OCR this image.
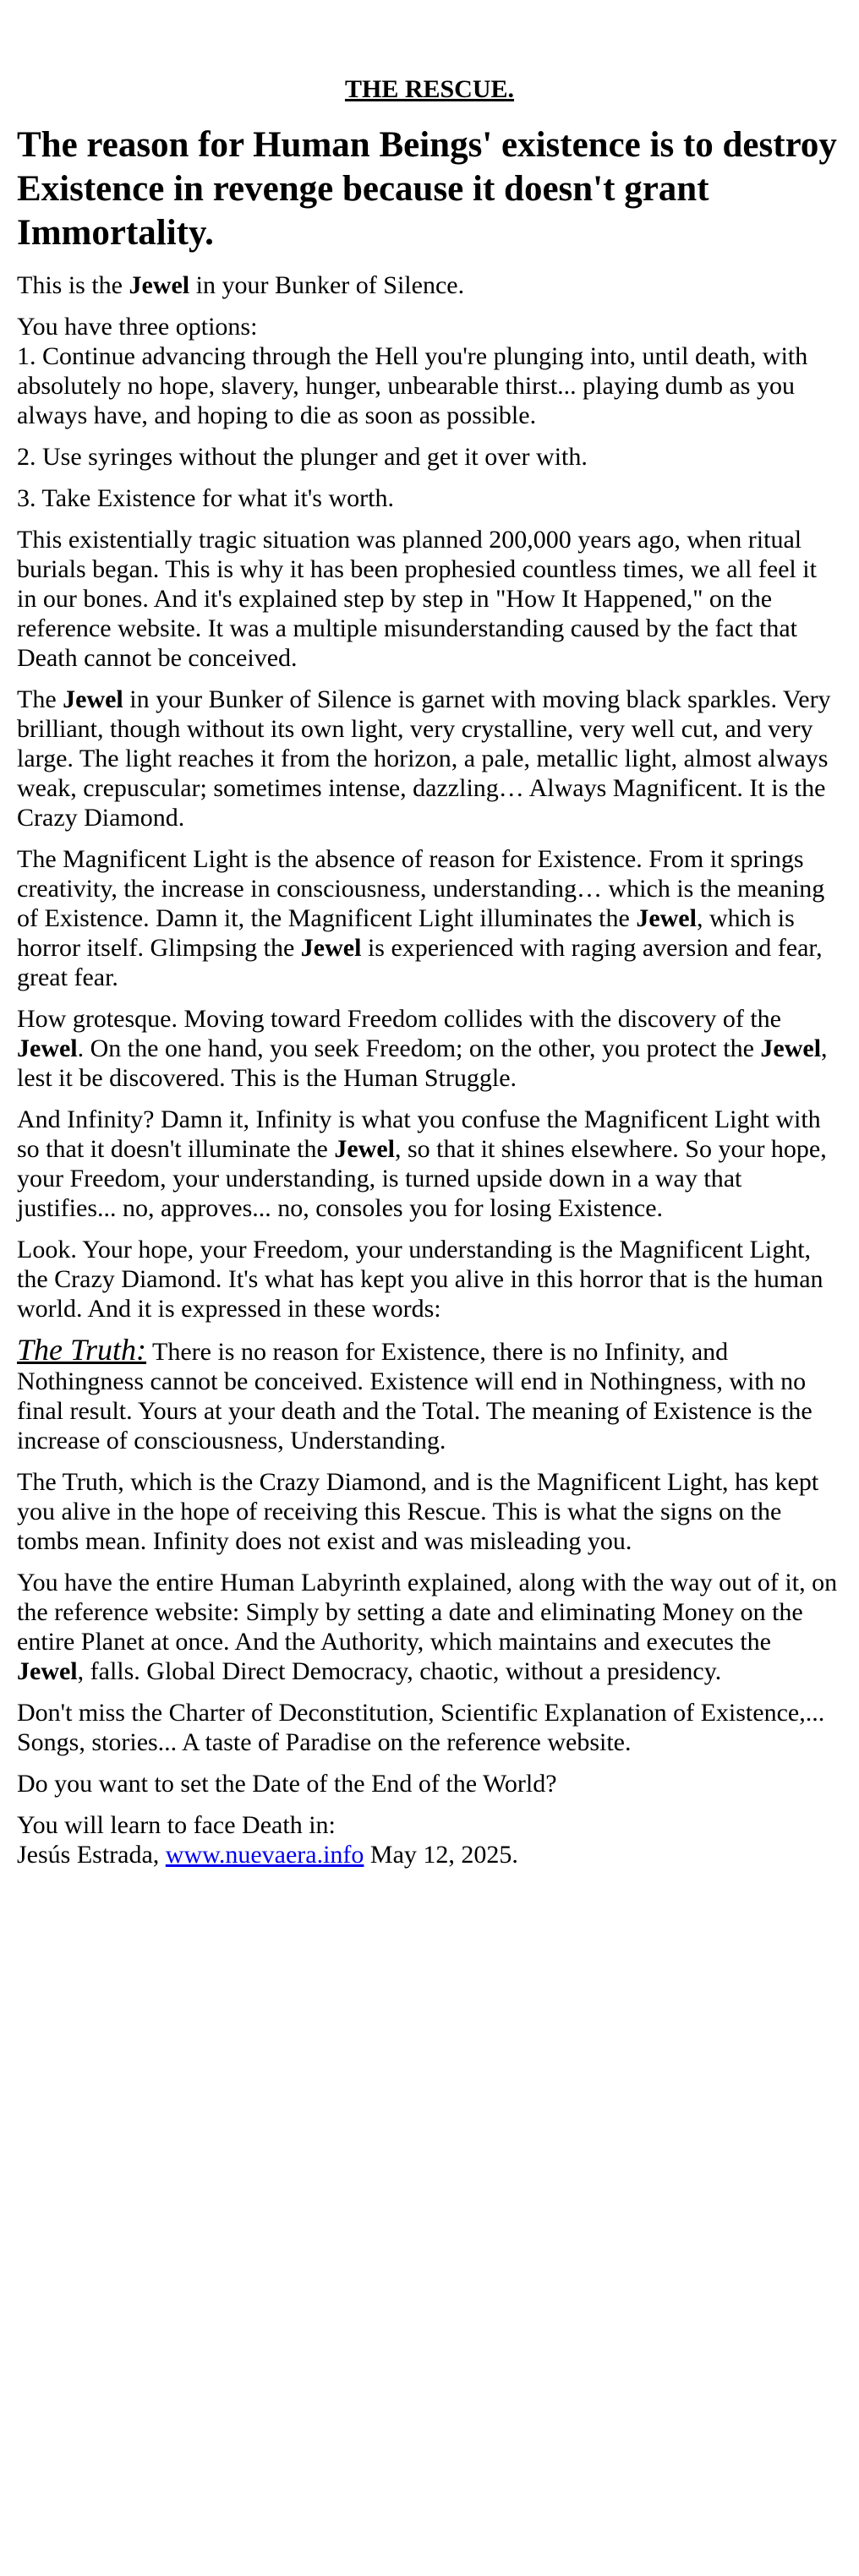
THE RESCUE.
The reason for Human Beings' existence is to destroy Existence in revenge because it doesn't grant Immortality.

This is the Jewel in your Bunker of Silence.

You have three options:
1. Continue advancing through the Hell you're plunging into, until death, with absolutely no hope, slavery, hunger, unbearable thirst... playing dumb as you always have, and hoping to die as soon as possible.

2. Use syringes without the plunger and get it over with.

3. Take Existence for what it's worth.

This existentially tragic situation was planned 200,000 years ago, when ritual burials began. This is why it has been prophesied countless times, we all feel it in our bones. And it's explained step by step in "How It Happened," on the reference website. It was a multiple misunderstanding caused by the fact that Death cannot be conceived.

The Jewel in your Bunker of Silence is garnet with moving black sparkles. Very brilliant, though without its own light, very crystalline, very well cut, and very large. The light reaches it from the horizon, a pale, metallic light, almost always weak, crepuscular; sometimes intense, dazzling… Always Magnificent. It is the Crazy Diamond.

The Magnificent Light is the absence of reason for Existence. From it springs creativity, the increase in consciousness, understanding… which is the meaning of Existence. Damn it, the Magnificent Light illuminates the Jewel, which is horror itself. Glimpsing the Jewel is experienced with raging aversion and fear, great fear.

How grotesque. Moving toward Freedom collides with the discovery of the Jewel. On the one hand, you seek Freedom; on the other, you protect the Jewel, lest it be discovered. This is the Human Struggle.

And Infinity? Damn it, Infinity is what you confuse the Magnificent Light with so that it doesn't illuminate the Jewel, so that it shines elsewhere. So your hope, your Freedom, your understanding, is turned upside down in a way that justifies... no, approves... no, consoles you for losing Existence.

Look. Your hope, your Freedom, your understanding is the Magnificent Light, the Crazy Diamond. It's what has kept you alive in this horror that is the human world. And it is expressed in these words:

The Truth: There is no reason for Existence, there is no Infinity, and Nothingness cannot be conceived. Existence will end in Nothingness, with no final result. Yours at your death and the Total. The meaning of Existence is the increase of consciousness, Understanding.

The Truth, which is the Crazy Diamond, and is the Magnificent Light, has kept you alive in the hope of receiving this Rescue. This is what the signs on the tombs mean. Infinity does not exist and was misleading you.

You have the entire Human Labyrinth explained, along with the way out of it, on the reference website: Simply by setting a date and eliminating Money on the entire Planet at once. And the Authority, which maintains and executes the Jewel, falls. Global Direct Democracy, chaotic, without a presidency.

Don't miss the Charter of Deconstitution, Scientific Explanation of Existence,... Songs, stories... A taste of Paradise on the reference website.

Do you want to set the Date of the End of the World?

You will learn to face Death in:
Jesús Estrada, www.nuevaera.info May 12, 2025.
